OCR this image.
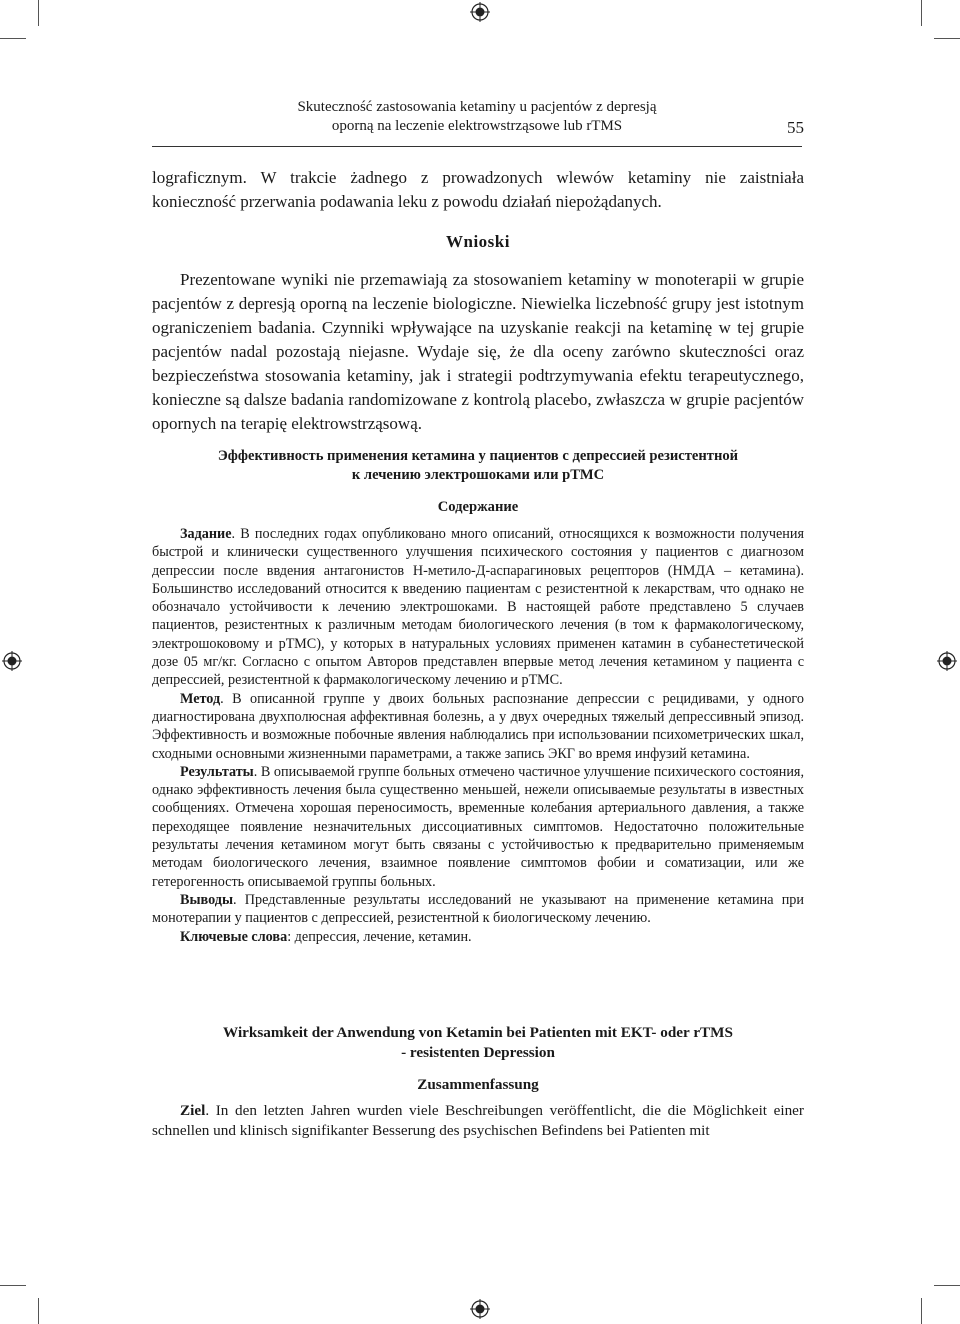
Skuteczność zastosowania ketaminy u pacjentów z depresją
oporną na leczenie elektrowstrząsowe lub rTMS	55

lograficznym. W trakcie żadnego z prowadzonych wlewów ketaminy nie zaistniała konieczność przerwania podawania leku z powodu działań niepożądanych.

Wnioski

Prezentowane wyniki nie przemawiają za stosowaniem ketaminy w monoterapii w grupie pacjentów z depresją oporną na leczenie biologiczne. Niewielka liczebność grupy jest istotnym ograniczeniem badania. Czynniki wpływające na uzyskanie reakcji na ketaminę w tej grupie pacjentów nadal pozostają niejasne. Wydaje się, że dla oceny zarówno skuteczności oraz bezpieczeństwa stosowania ketaminy, jak i strategii podtrzymywania efektu terapeutycznego, konieczne są dalsze badania randomizowane z kontrolą placebo, zwłaszcza w grupie pacjentów opornych na terapię elektrowstrząsową.

Эффективность применения кетамина у пациентов с депрессией резистентной
к лечению электрошоками или рТМС
Содержание

Задание. В последних годах опубликовано много описаний, относящихся к возможности получения быстрой и клинически существенного улучшения психического состояния у пациентов с диагнозом депрессии после ввдения антагонистов Н-метило-Д-аспарагиновых рецепторов (НМДА – кетамина). Большинство исследований относится к введению пациентам с резистентной к лекарствам, что однако не обозначало устойчивости к лечению электрошоками. В настоящей работе представлено 5 случаев пациентов, резистентных к различным методам биологического лечения (в том к фармакологическому, электрошоковому и рТМС), у которых в натуральных условиях применен катамин в субанестетической дозе 05 мг/кг. Согласно с опытом Авторов представлен впервые метод лечения кетамином у пациента с депрессией, резистентной к фармакологическому лечению и рТМС.

Метод. В описанной группе у двоих больных распознание депрессии с рецидивами, у одного диагностирована двухполюсная аффективная болезнь, а у двух очередных тяжелый депрессивный эпизод. Эффективность и возможные побочные явления наблюдались при использовании психометрических шкал, сходными основными жизненными параметрами, а также запись ЭКГ во время инфузий кетамина.

Результаты. В описываемой группе больных отмечено частичное улучшение психического состояния, однако эффективность лечения была существенно меньшей, нежели описываемые результаты в известных сообщениях. Отмечена хорошая переносимость, временные колебания артериального давления, а также переходящее появление незначительных диссоциативных симптомов. Недостаточно положительные результаты лечения кетамином могут быть связаны с устойчивостью к предварительно применяемым методам биологического лечения, взаимное появление симптомов фобии и соматизации, или же гетерогенность описываемой группы больных.

Выводы. Представленные результаты исследований не указывают на применение кетамина при монотерапии у пациентов с депрессией, резистентной к биологическому лечению.

Ключевые слова: депрессия, лечение, кетамин.

Wirksamkeit der Anwendung von Ketamin bei Patienten mit EKT- oder rTMS
- resistenten Depression
Zusammenfassung

Ziel. In den letzten Jahren wurden viele Beschreibungen veröffentlicht, die die Möglichkeit einer schnellen und klinisch signifikanter Besserung des psychischen Befindens bei Patienten mit
